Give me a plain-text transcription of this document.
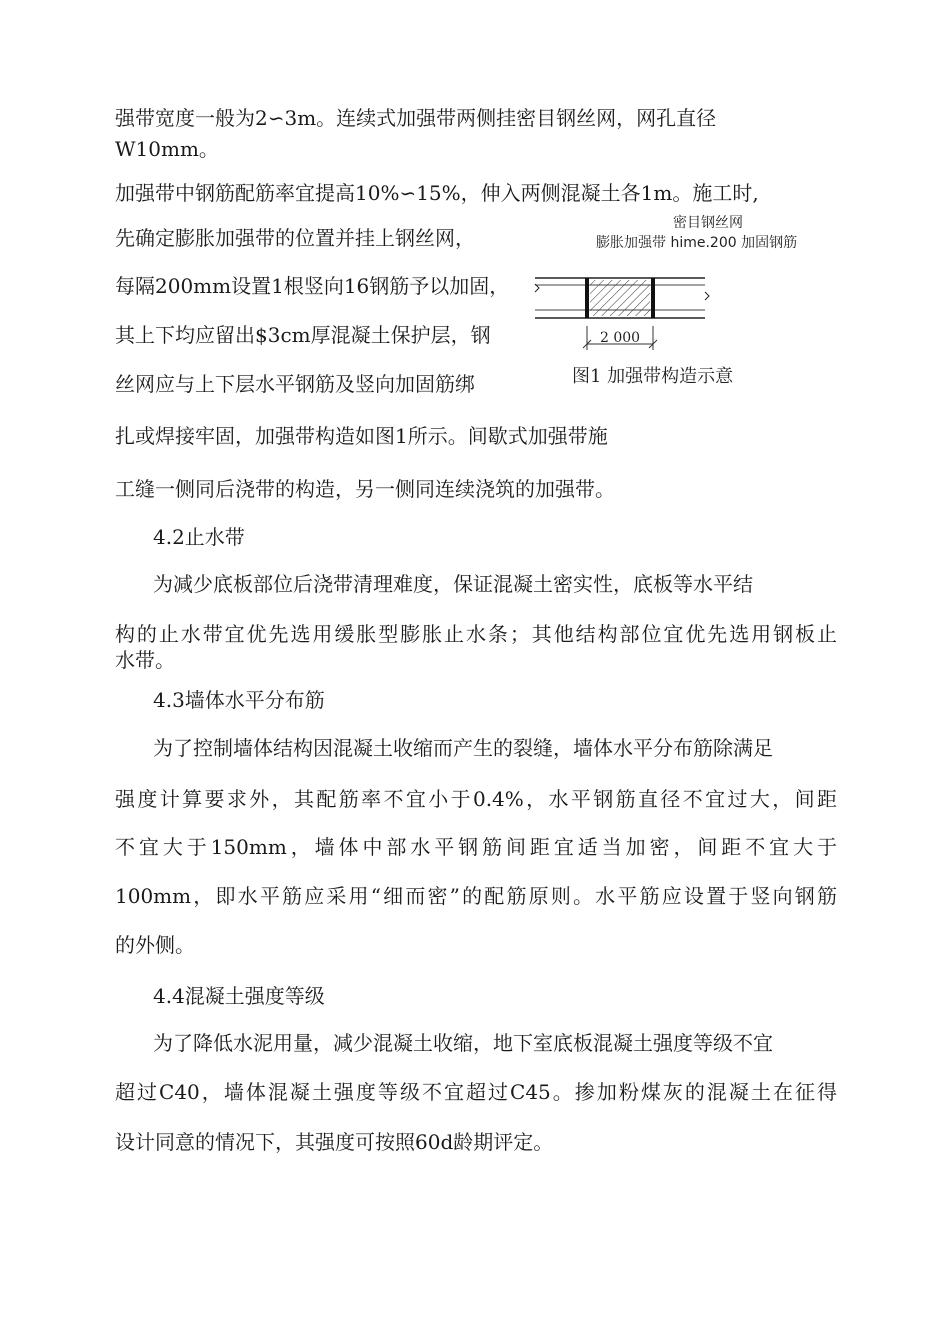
强带宽度一般为2∽3m。连续式加强带两侧挂密目钢丝网，网孔直径

W10mm。

加强带中钢筋配筋率宜提高10%∽15%，伸入两侧混凝土各1m。施工时,

先确定膨胀加强带的位置并挂上钢丝网，

每隔200mm设置1根竖向16钢筋予以加固，

其上下均应留出$3cm厚混凝土保护层，钢

丝网应与上下层水平钢筋及竖向加固筋绑

扎或焊接牢固，加强带构造如图1所示。间歇式加强带施

工缝一侧同后浇带的构造，另一侧同连续浇筑的加强带。

4.2止水带

为减少底板部位后浇带清理难度，保证混凝土密实性，底板等水平结

构的止水带宜优先选用缓胀型膨胀止水条；其他结构部位宜优先选用钢板止

水带。

4.3墙体水平分布筋

为了控制墙体结构因混凝土收缩而产生的裂缝，墙体水平分布筋除满足

强度计算要求外，其配筋率不宜小于0.4%，水平钢筋直径不宜过大，间距

不宜大于150mm，墙体中部水平钢筋间距宜适当加密，间距不宜大于

100mm，即水平筋应采用“细而密”的配筋原则。水平筋应设置于竖向钢筋

的外侧。

4.4混凝土强度等级

为了降低水泥用量，减少混凝土收缩，地下室底板混凝土强度等级不宜

超过C40，墙体混凝土强度等级不宜超过C45。掺加粉煤灰的混凝土在征得

设计同意的情况下，其强度可按照60d龄期评定。

密目钢丝网
膨胀加强带 hime.200 加固钢筋
2 000
图1 加强带构造示意
